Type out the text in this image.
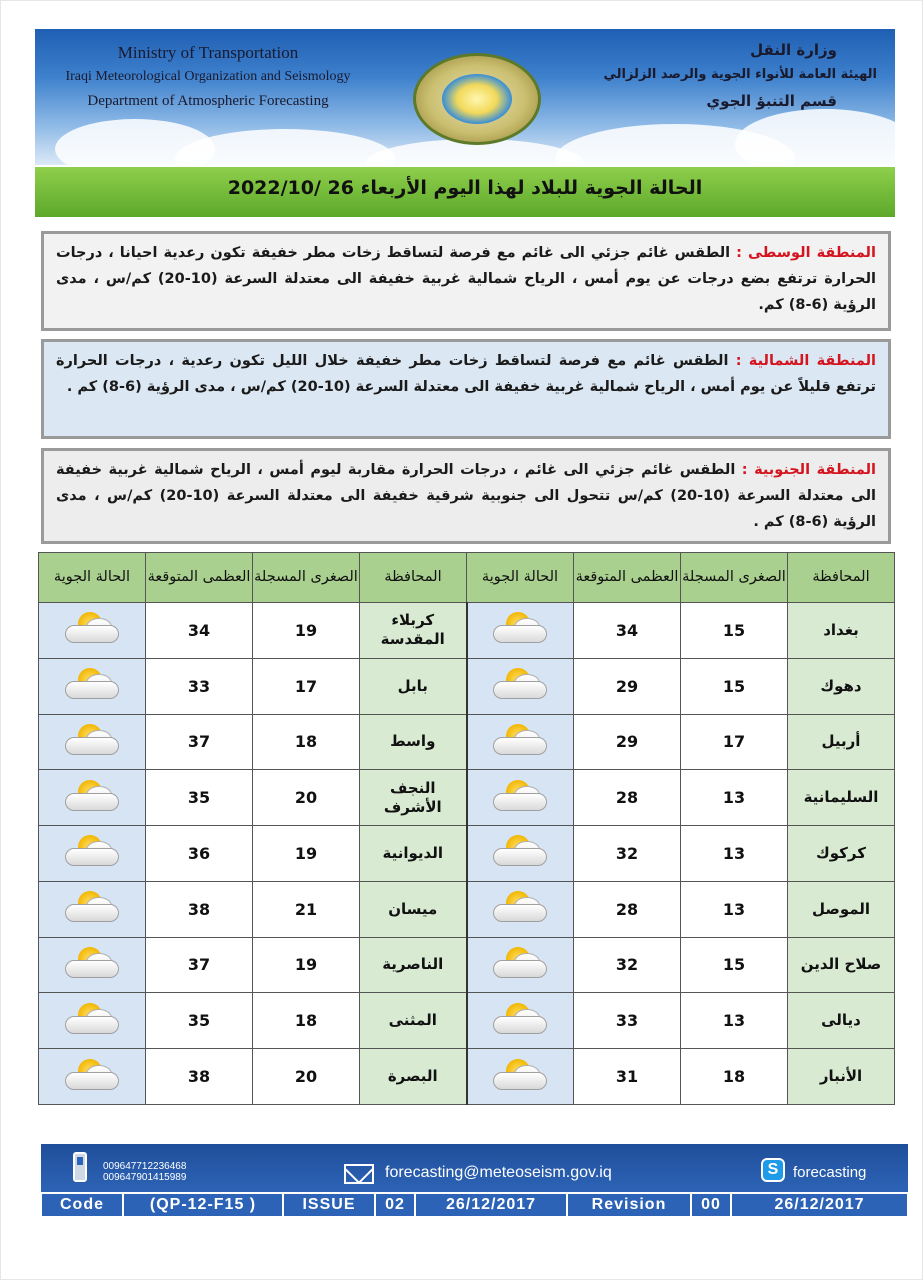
Ministry of Transportation
Iraqi Meteorological Organization and Seismology
Department of Atmospheric Forecasting
وزارة النقل
الهيئة العامة للأنواء الجوية والرصد الزلزالي
قسم التنبؤ الجوي
الحالة الجوية للبلاد لهذا اليوم الأربعاء 26 /2022/10
المنطقة الوسطى : الطقس غائم جزئي الى غائم مع فرصة لتساقط زخات مطر خفيفة تكون رعدية احيانا ، درجات الحرارة ترتفع بضع درجات عن يوم أمس ، الرياح شمالية غربية خفيفة الى معتدلة السرعة (10-20) كم/س ، مدى الرؤية (6-8) كم.
المنطقة الشمالية : الطقس غائم مع فرصة لتساقط زخات مطر خفيفة خلال الليل تكون رعدية ، درجات الحرارة ترتفع قليلاً عن يوم أمس ، الرياح شمالية غربية خفيفة الى معتدلة السرعة (10-20) كم/س ، مدى الرؤية (6-8) كم .
المنطقة الجنوبية : الطقس غائم جزئي الى غائم ، درجات الحرارة مقاربة ليوم أمس ، الرياح شمالية غربية خفيفة الى معتدلة السرعة (10-20) كم/س تتحول الى جنوبية شرقية خفيفة الى معتدلة السرعة (10-20) كم/س ، مدى الرؤية (6-8) كم .
المحافظة	الصغرى المسجلة	العظمى المتوقعة	الحالة الجوية	المحافظة	الصغرى المسجلة	العظمى المتوقعة	الحالة الجوية
بغداد	15	34		كربلاء المقدسة	19	34	

دهوك	15	29		بابل	17	33	

أربيل	17	29		واسط	18	37	

السليمانية	13	28		النجف الأشرف	20	35	

كركوك	13	32		الديوانية	19	36	

الموصل	13	28		ميسان	21	38	

صلاح الدين	15	32		الناصرية	19	37	

ديالى	13	33		المثنى	18	35	

الأنبار	18	31		البصرة	20	38	
009647712236468
009647901415989	forecasting@meteoseism.gov.iq	S forecasting
Code	(QP-12-F15 )	ISSUE	02	26/12/2017	Revision	00	26/12/2017
